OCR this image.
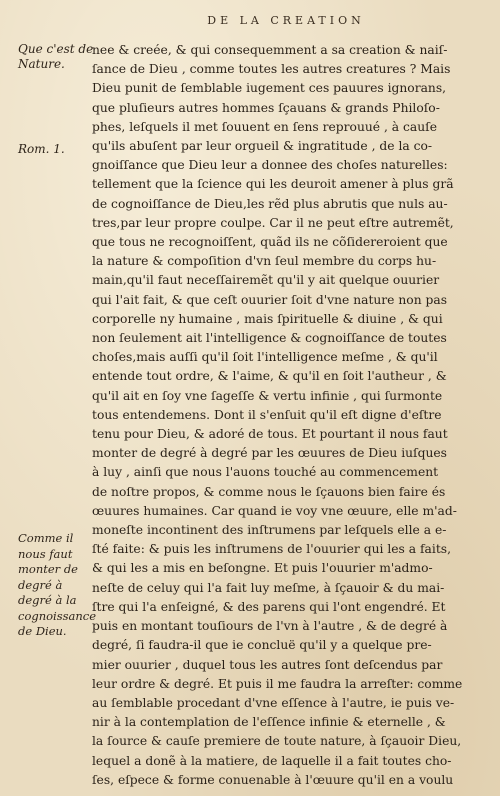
DE LA CREATION
Que c'est de Nature.
Rom. 1.
Comme il nous faut monter de degré à degré à la cognoissance de Dieu.
nee & creée, & qui consequemment a sa creation & naiſ-
ſance de Dieu , comme toutes les autres creatures ? Mais
Dieu punit de ſemblable iugement ces pauures ignorans,
que pluſieurs autres hommes ſçauans & grands Philoſo-
phes, leſquels il met ſouuent en ſens reprouué , à cauſe
qu'ils abuſent par leur orgueil & ingratitude , de la co-
gnoiſſance que Dieu leur a donnee des choſes naturelles:
tellement que la ſcience qui les deuroit amener à plus grã
de cognoiſſance de Dieu,les rẽd plus abrutis que nuls au-
tres,par leur propre coulpe. Car il ne peut eſtre autremẽt,
que tous ne recognoiſſent, quãd ils ne cõſidereroient que
la nature & compoſition d'vn ſeul membre du corps hu-
main,qu'il faut neceſſairemẽt qu'il y ait quelque ouurier
qui l'ait fait, & que ceſt ouurier ſoit d'vne nature non pas
corporelle ny humaine , mais ſpirituelle & diuine , & qui
non ſeulement ait l'intelligence & cognoiſſance de toutes
choſes,mais auſſi qu'il ſoit l'intelligence meſme , & qu'il
entende tout ordre, & l'aime, & qu'il en ſoit l'autheur , &
qu'il ait en ſoy vne ſageſſe & vertu infinie , qui ſurmonte
tous entendemens. Dont il s'enſuit qu'il eſt digne d'eſtre
tenu pour Dieu, & adoré de tous. Et pourtant il nous faut
monter de degré à degré par les œuures de Dieu iuſques
à luy , ainſi que nous l'auons touché au commencement
de noſtre propos, & comme nous le ſçauons bien faire és
œuures humaines. Car quand ie voy vne œuure, elle m'ad-
moneſte incontinent des inſtrumens par leſquels elle a e-
ſté faite: & puis les inſtrumens de l'ouurier qui les a faits,
& qui les a mis en beſongne. Et puis l'ouurier m'admo-
neſte de celuy qui l'a fait luy meſme, à ſçauoir & du mai-
ſtre qui l'a enſeigné, & des parens qui l'ont engendré. Et
puis en montant touſiours de l'vn à l'autre , & de degré à
degré, ſi faudra-il que ie concluë qu'il y a quelque pre-
mier ouurier , duquel tous les autres ſont deſcendus par
leur ordre & degré. Et puis il me faudra la arreſter: comme
au ſemblable procedant d'vne eſſence à l'autre, ie puis ve-
nir à la contemplation de l'eſſence infinie & eternelle , &
la ſource & cauſe premiere de toute nature, à ſçauoir Dieu,
lequel a donẽ à la matiere, de laquelle il a fait toutes cho-
ſes, eſpece & forme conuenable à l'œuure qu'il en a voulu
